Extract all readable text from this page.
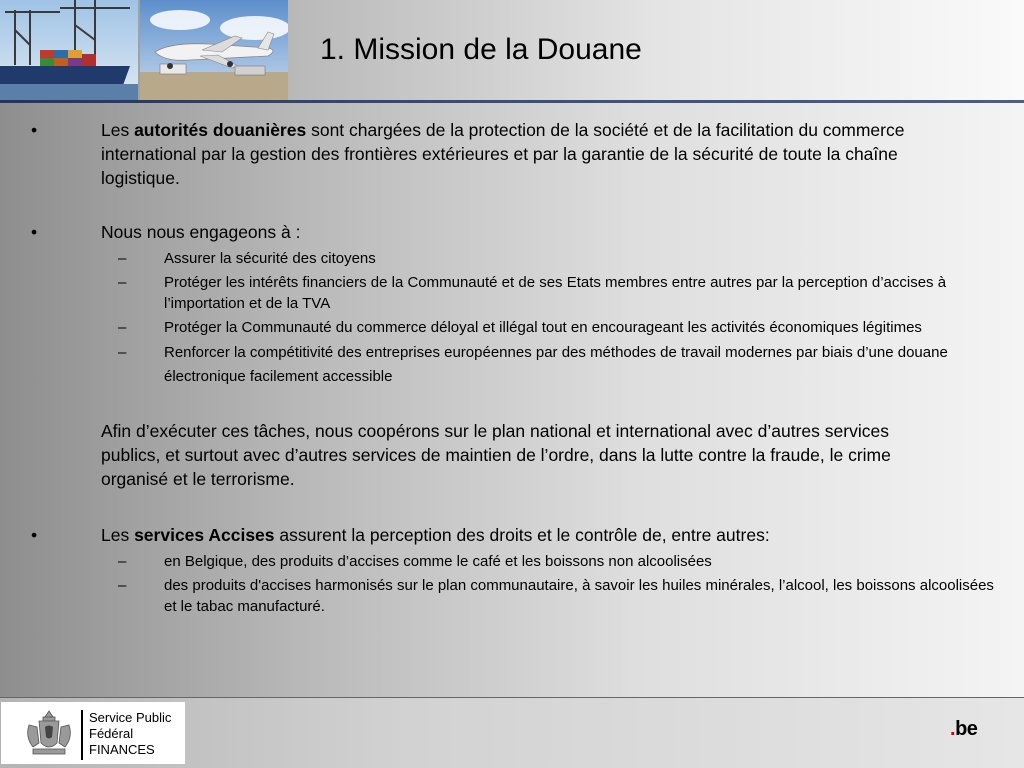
1. Mission de la Douane

•	Les autorités douanières sont chargées de la protection de la société et de la facilitation du commerce international par la gestion des frontières extérieures et par la garantie de la sécurité de toute la chaîne logistique.

•	Nous nous engageons à :

–	Assurer la sécurité des citoyens

–	Protéger les intérêts financiers de la Communauté et de ses Etats membres entre autres par la perception d’accises à l’importation et de la TVA

–	Protéger la Communauté du commerce déloyal et illégal tout en encourageant les activités économiques légitimes

–	Renforcer la compétitivité des entreprises européennes par des méthodes de travail modernes par biais d’une douane électronique facilement accessible

Afin d’exécuter ces tâches, nous coopérons sur le plan national et international avec d’autres services publics, et surtout avec d’autres services de maintien de l’ordre, dans la lutte contre la fraude, le crime organisé et le terrorisme.

•	Les services Accises assurent la perception des droits et le contrôle de, entre autres:

–	en Belgique, des produits d’accises comme le café et les boissons non alcoolisées

–	des produits d'accises harmonisés sur le plan communautaire, à savoir les huiles minérales, l’alcool, les boissons alcoolisées et le tabac manufacturé.

Service Public
Fédéral
FINANCES
.be
